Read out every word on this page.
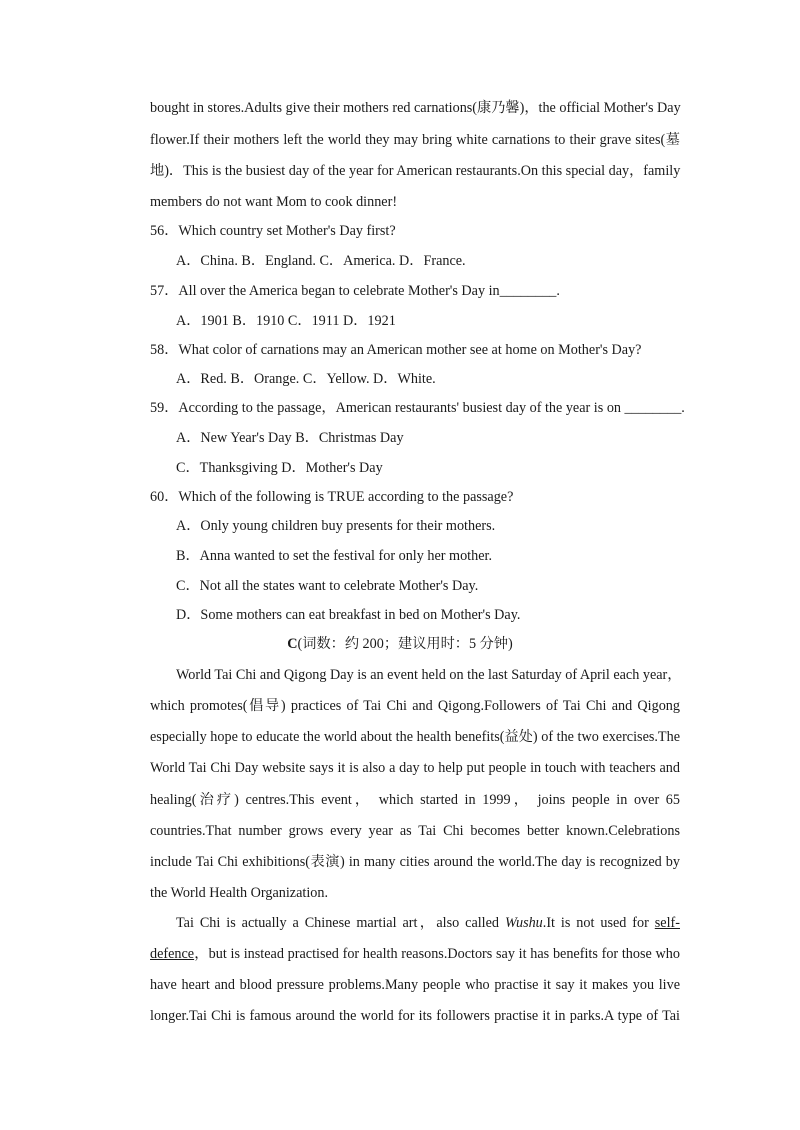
bought in stores.Adults give their mothers red carnations(康乃馨)，the official Mother's Day
flower.If their mothers left the world they may bring white carnations to their grave sites(墓
地)．This is the busiest day of the year for American restaurants.On this special day，family
members do not want Mom to cook dinner!
56．Which country set Mother's Day first?
A．China. B．England. C．America. D．France.
57．All over the America began to celebrate Mother's Day in________.
A．1901 B．1910 C．1911 D．1921
58．What color of carnations may an American mother see at home on Mother's Day?
A．Red. B．Orange. C．Yellow. D．White.
59．According to the passage，American restaurants' busiest day of the year is on ________.
A．New Year's Day B．Christmas Day
C．Thanksgiving D．Mother's Day
60．Which of the following is TRUE according to the passage?
A．Only young children buy presents for their mothers.
B．Anna wanted to set the festival for only her mother.
C．Not all the states want to celebrate Mother's Day.
D．Some mothers can eat breakfast in bed on Mother's Day.
C(词数：约 200；建议用时：5 分钟)
World Tai Chi and Qigong Day is an event held on the last Saturday of April each year，
which promotes(倡导) practices of Tai Chi and Qigong.Followers of Tai Chi and Qigong
especially hope to educate the world about the health benefits(益处) of the two exercises.The
World Tai Chi Day website says it is also a day to help put people in touch with teachers and
healing(治疗) centres.This event， which started in 1999， joins people in over 65
countries.That number grows every year as Tai Chi becomes better known.Celebrations
include Tai Chi exhibitions(表演) in many cities around the world.The day is recognized by
the World Health Organization.
Tai Chi is actually a Chinese martial art，also called Wushu.It is not used for self-
defence，but is instead practised for health reasons.Doctors say it has benefits for those who
have heart and blood pressure problems.Many people who practise it say it makes you live
longer.Tai Chi is famous around the world for its followers practise it in parks.A type of Tai
